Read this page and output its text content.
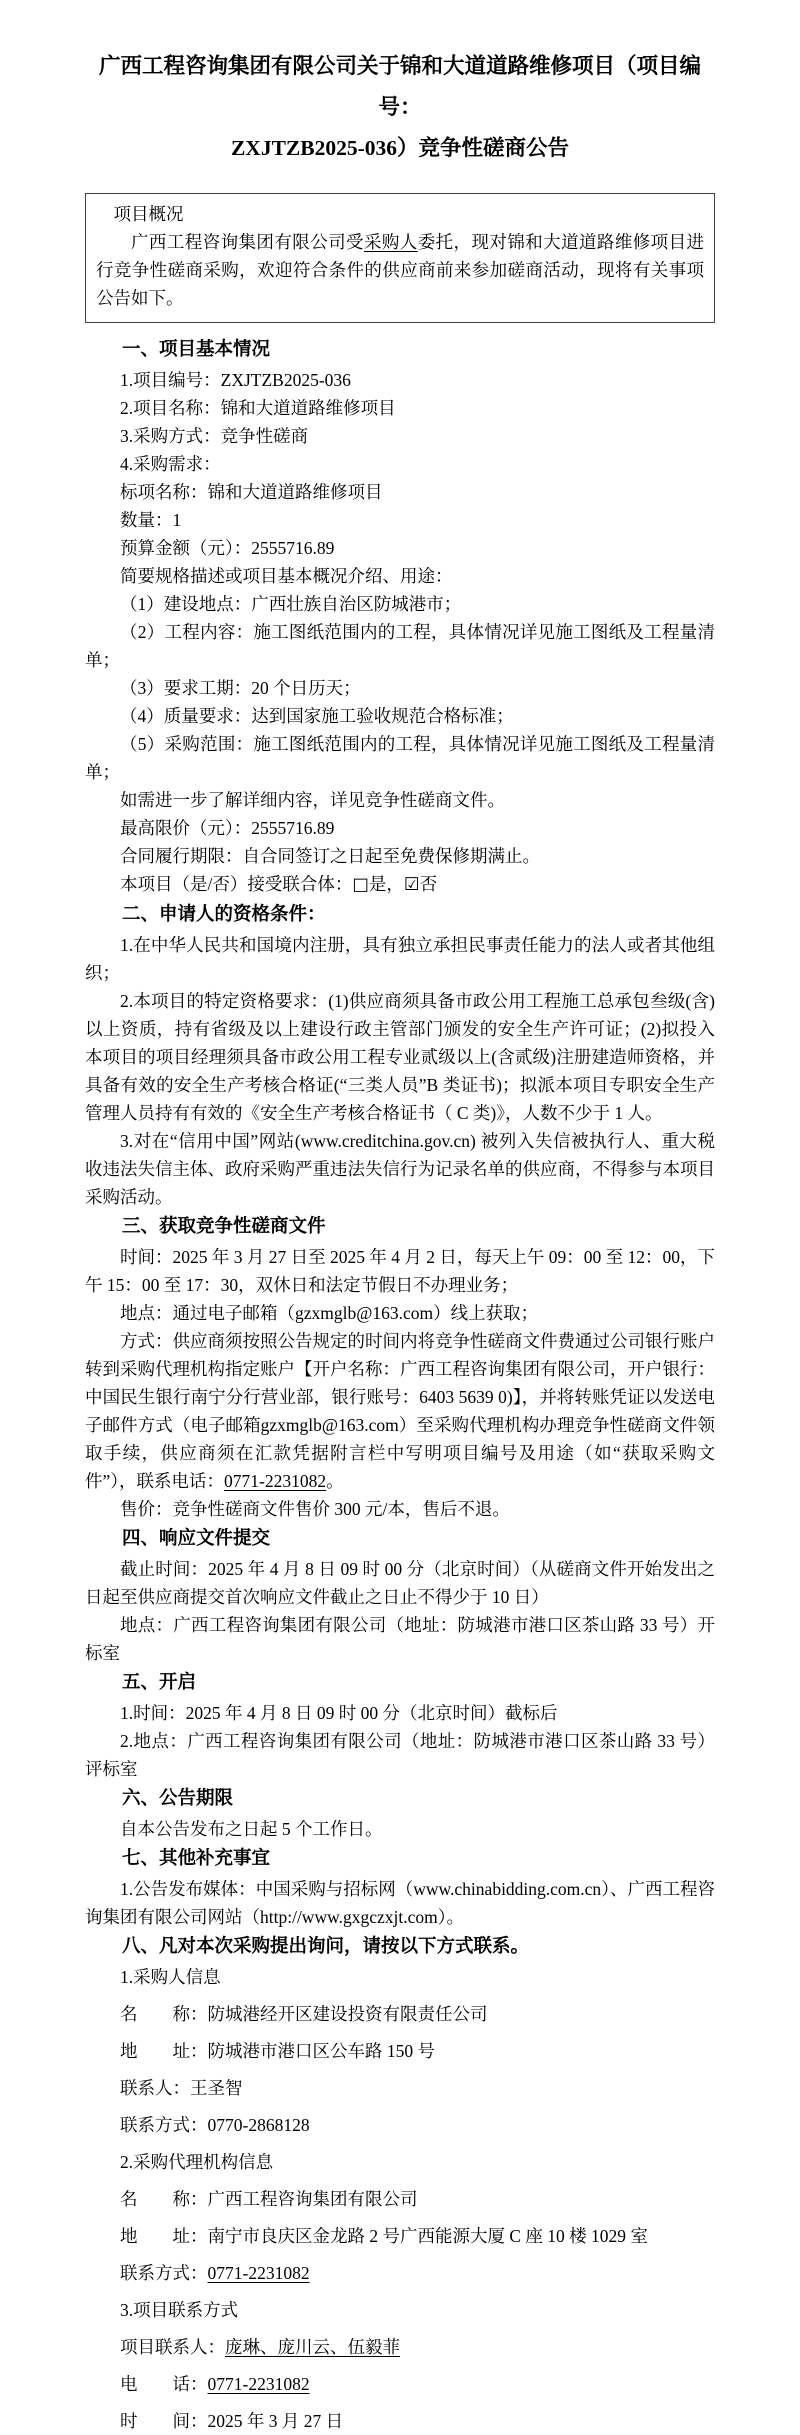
广西工程咨询集团有限公司关于锦和大道道路维修项目（项目编号：
ZXJTZB2025-036）竞争性磋商公告

项目概况

广西工程咨询集团有限公司受采购人委托，现对锦和大道道路维修项目进行竞争性磋商采购，欢迎符合条件的供应商前来参加磋商活动，现将有关事项公告如下。

一、项目基本情况

1.项目编号：ZXJTZB2025-036

2.项目名称：锦和大道道路维修项目

3.采购方式：竞争性磋商

4.采购需求：

标项名称：锦和大道道路维修项目

数量：1

预算金额（元）：2555716.89

简要规格描述或项目基本概况介绍、用途：

（1）建设地点：广西壮族自治区防城港市；

（2）工程内容：施工图纸范围内的工程，具体情况详见施工图纸及工程量清单；

（3）要求工期：20 个日历天；

（4）质量要求：达到国家施工验收规范合格标准；

（5）采购范围：施工图纸范围内的工程，具体情况详见施工图纸及工程量清单；

如需进一步了解详细内容，详见竞争性磋商文件。

最高限价（元）：2555716.89

合同履行期限：自合同签订之日起至免费保修期满止。

本项目（是/否）接受联合体：□是，☑否

二、申请人的资格条件：

1.在中华人民共和国境内注册，具有独立承担民事责任能力的法人或者其他组织；

2.本项目的特定资格要求：(1)供应商须具备市政公用工程施工总承包叁级(含)以上资质，持有省级及以上建设行政主管部门颁发的安全生产许可证；(2)拟投入本项目的项目经理须具备市政公用工程专业贰级以上(含贰级)注册建造师资格，并具备有效的安全生产考核合格证(“三类人员”B 类证书)；拟派本项目专职安全生产管理人员持有有效的《安全生产考核合格证书（ C 类)》，人数不少于 1 人。

3.对在“信用中国”网站(www.creditchina.gov.cn) 被列入失信被执行人、重大税收违法失信主体、政府采购严重违法失信行为记录名单的供应商，不得参与本项目采购活动。

三、获取竞争性磋商文件

时间：2025 年 3 月 27 日至 2025 年 4 月 2 日，每天上午 09：00 至 12：00，下午 15：00 至 17：30，双休日和法定节假日不办理业务；

地点：通过电子邮箱（gzxmglb@163.com）线上获取；

方式：供应商须按照公告规定的时间内将竞争性磋商文件费通过公司银行账户转到采购代理机构指定账户【开户名称：广西工程咨询集团有限公司，开户银行：中国民生银行南宁分行营业部，银行账号：6403 5639 0)】，并将转账凭证以发送电子邮件方式（电子邮箱gzxmglb@163.com）至采购代理机构办理竞争性磋商文件领取手续，供应商须在汇款凭据附言栏中写明项目编号及用途（如“获取采购文件”），联系电话：0771-2231082。

售价：竞争性磋商文件售价 300 元/本，售后不退。

四、响应文件提交

截止时间：2025 年 4 月 8 日 09 时 00 分（北京时间）（从磋商文件开始发出之日起至供应商提交首次响应文件截止之日止不得少于 10 日）

地点：广西工程咨询集团有限公司（地址：防城港市港口区茶山路 33 号）开标室

五、开启

1.时间：2025 年 4 月 8 日 09 时 00 分（北京时间）截标后

2.地点：广西工程咨询集团有限公司（地址：防城港市港口区茶山路 33 号）评标室

六、公告期限

自本公告发布之日起 5 个工作日。

七、其他补充事宜

1.公告发布媒体：中国采购与招标网（www.chinabidding.com.cn）、广西工程咨询集团有限公司网站（http://www.gxgczxjt.com）。

八、凡对本次采购提出询问，请按以下方式联系。

1.采购人信息

名　　称：防城港经开区建设投资有限责任公司

地　　址：防城港市港口区公车路 150 号

联系人：王圣智

联系方式：0770-2868128

2.采购代理机构信息

名　　称：广西工程咨询集团有限公司

地　　址：南宁市良庆区金龙路 2 号广西能源大厦 C 座 10 楼 1029 室

联系方式：0771-2231082

3.项目联系方式

项目联系人：庞琳、庞川云、伍毅菲

电　　话：0771-2231082

时　　间：2025 年 3 月 27 日
